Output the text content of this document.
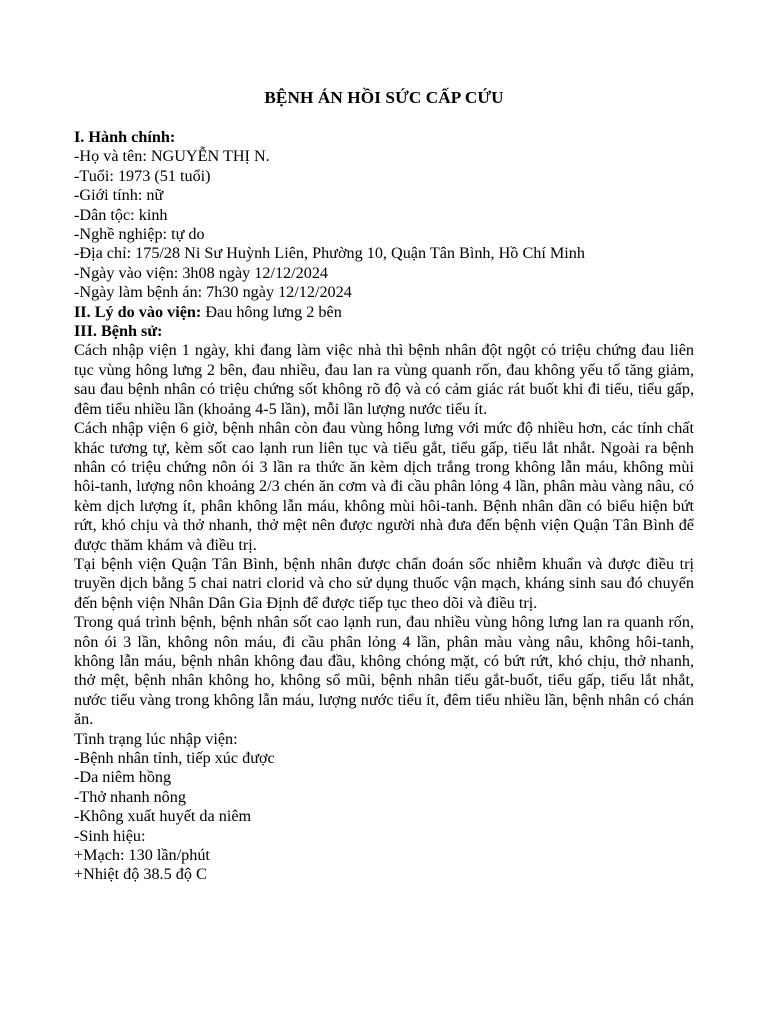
BỆNH ÁN HỒI SỨC CẤP CỨU

I. Hành chính:

-Họ và tên: NGUYỄN THỊ N.

-Tuổi: 1973 (51 tuổi)

-Giới tính: nữ

-Dân tộc: kinh

-Nghề nghiệp: tự do

-Địa chỉ: 175/28 Ni Sư Huỳnh Liên, Phường 10, Quận Tân Bình, Hồ Chí Minh

-Ngày vào viện: 3h08 ngày 12/12/2024

-Ngày làm bệnh án: 7h30 ngày 12/12/2024

II. Lý do vào viện: Đau hông lưng 2 bên

III. Bệnh sử:

Cách nhập viện 1 ngày, khi đang làm việc nhà thì bệnh nhân đột ngột có triệu chứng đau liên tục vùng hông lưng 2 bên, đau nhiều, đau lan ra vùng quanh rốn, đau không yếu tố tăng giảm, sau đau bệnh nhân có triệu chứng sốt không rõ độ và có cảm giác rát buốt khi đi tiểu, tiểu gấp, đêm tiểu nhiều lần (khoảng 4-5 lần), mỗi lần lượng nước tiểu ít.

Cách nhập viện 6 giờ, bệnh nhân còn đau vùng hông lưng với mức độ nhiều hơn, các tính chất khác tương tự, kèm sốt cao lạnh run liên tục và tiểu gắt, tiểu gấp, tiểu lắt nhắt. Ngoài ra bệnh nhân có triệu chứng nôn ói 3 lần ra thức ăn kèm dịch trắng trong không lẫn máu, không mùi hôi-tanh, lượng nôn khoảng 2/3 chén ăn cơm và đi cầu phân lỏng 4 lần, phân màu vàng nâu, có kèm dịch lượng ít, phân không lẫn máu, không mùi hôi-tanh. Bệnh nhân dần có biểu hiện bứt rứt, khó chịu và thở nhanh, thở mệt nên được người nhà đưa đến bệnh viện Quận Tân Bình để được thăm khám và điều trị.

Tại bệnh viện Quận Tân Bình, bệnh nhân được chẩn đoán sốc nhiễm khuẩn và được điều trị truyền dịch bằng 5 chai natri clorid và cho sử dụng thuốc vận mạch, kháng sinh sau đó chuyển đến bệnh viện Nhân Dân Gia Định để được tiếp tục theo dõi và điều trị.

Trong quá trình bệnh, bệnh nhân sốt cao lạnh run, đau nhiều vùng hông lưng lan ra quanh rốn, nôn ói 3 lần, không nôn máu, đi cầu phân lỏng 4 lần, phân màu vàng nâu, không hôi-tanh, không lẫn máu, bệnh nhân không đau đầu, không chóng mặt, có bứt rứt, khó chịu, thở nhanh, thở mệt, bệnh nhân không ho, không sổ mũi, bệnh nhân tiểu gắt-buốt, tiểu gấp, tiểu lắt nhắt, nước tiểu vàng trong không lẫn máu, lượng nước tiểu ít, đêm tiểu nhiều lần, bệnh nhân có chán ăn.

Tình trạng lúc nhập viện:

-Bệnh nhân tỉnh, tiếp xúc được

-Da niêm hồng

-Thở nhanh nông

-Không xuất huyết da niêm

-Sinh hiệu:

+Mạch: 130 lần/phút

+Nhiệt độ 38.5 độ C
